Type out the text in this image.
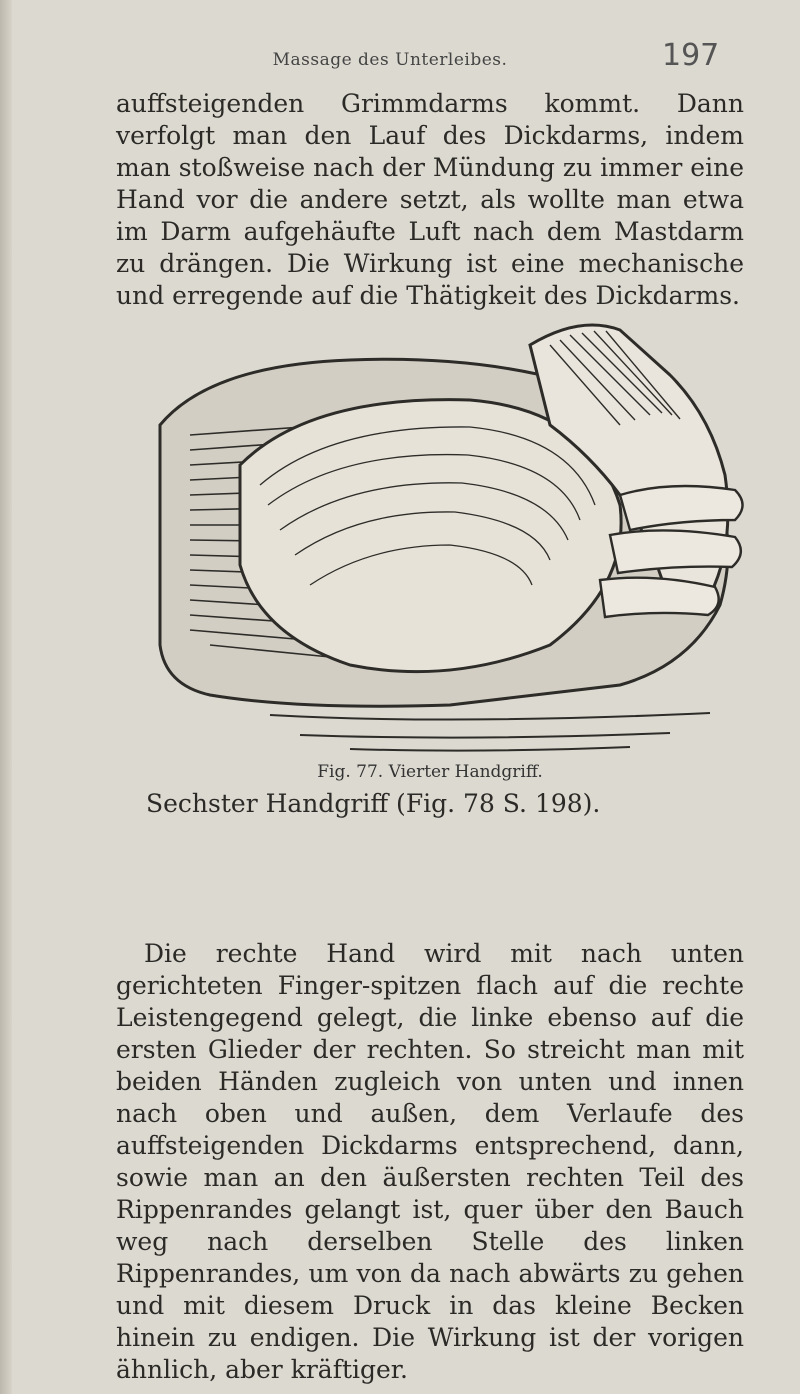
Massage des Unterleibes.	197

auffsteigenden Grimmdarms kommt. Dann verfolgt man den Lauf des Dickdarms, indem man stoßweise nach der Mündung zu immer eine Hand vor die andere setzt, als wollte man etwa im Darm aufgehäufte Luft nach dem Mastdarm zu drängen. Die Wirkung ist eine mechanische und erregende auf die Thätigkeit des Dickdarms.

Fig. 77. Vierter Handgriff.
Sechster Handgriff (Fig. 78 S. 198).

Die rechte Hand wird mit nach unten gerichteten Finger-spitzen flach auf die rechte Leistengegend gelegt, die linke ebenso auf die ersten Glieder der rechten. So streicht man mit beiden Händen zugleich von unten und innen nach oben und außen, dem Verlaufe des auffsteigenden Dickdarms entsprechend, dann, sowie man an den äußersten rechten Teil des Rippenrandes gelangt ist, quer über den Bauch weg nach derselben Stelle des linken Rippenrandes, um von da nach abwärts zu gehen und mit diesem Druck in das kleine Becken hinein zu endigen. Die Wirkung ist der vorigen ähnlich, aber kräftiger.
